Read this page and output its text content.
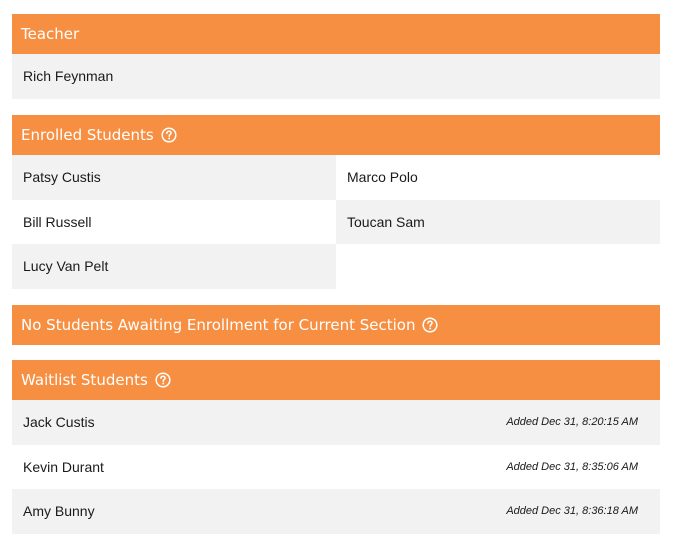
Teacher
Rich Feynman
Enrolled Students
Patsy Custis	Marco Polo
Bill Russell	Toucan Sam
Lucy Van Pelt
No Students Awaiting Enrollment for Current Section
Waitlist Students
Jack Custis	Added Dec 31, 8:20:15 AM
Kevin Durant	Added Dec 31, 8:35:06 AM
Amy Bunny	Added Dec 31, 8:36:18 AM
